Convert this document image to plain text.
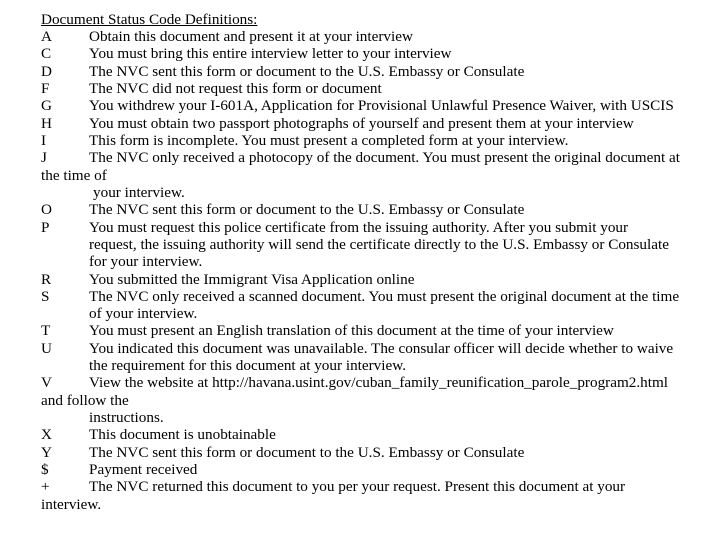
Document Status Code Definitions:
A Obtain this document and present it at your interview
C You must bring this entire interview letter to your interview
D The NVC sent this form or document to the U.S. Embassy or Consulate
F	The NVC did not request this form or document
G You withdrew your I-601A, Application for Provisional Unlawful Presence Waiver, with USCIS
H You must obtain two passport photographs of yourself and present them at your interview
I	This form is incomplete. You must present a completed form at your interview.
J	The NVC only received a photocopy of the document. You must present the original document at
the time of
your interview.
O The NVC sent this form or document to the U.S. Embassy or Consulate
P	You must request this police certificate from the issuing authority. After you submit your
request, the issuing authority will send the certificate directly to the U.S. Embassy or Consulate
for your interview.
R You submitted the Immigrant Visa Application online
S	The NVC only received a scanned document. You must present the original document at the time
of your interview.
T	You must present an English translation of this document at the time of your interview
U You indicated this document was unavailable. The consular officer will decide whether to waive
the requirement for this document at your interview.
V View the website at http://havana.usint.gov/cuban_family_reunification_parole_program2.html
and follow the
instructions.
X This document is unobtainable
Y The NVC sent this form or document to the U.S. Embassy or Consulate
$	Payment received
+	The NVC returned this document to you per your request. Present this document at your
interview.
